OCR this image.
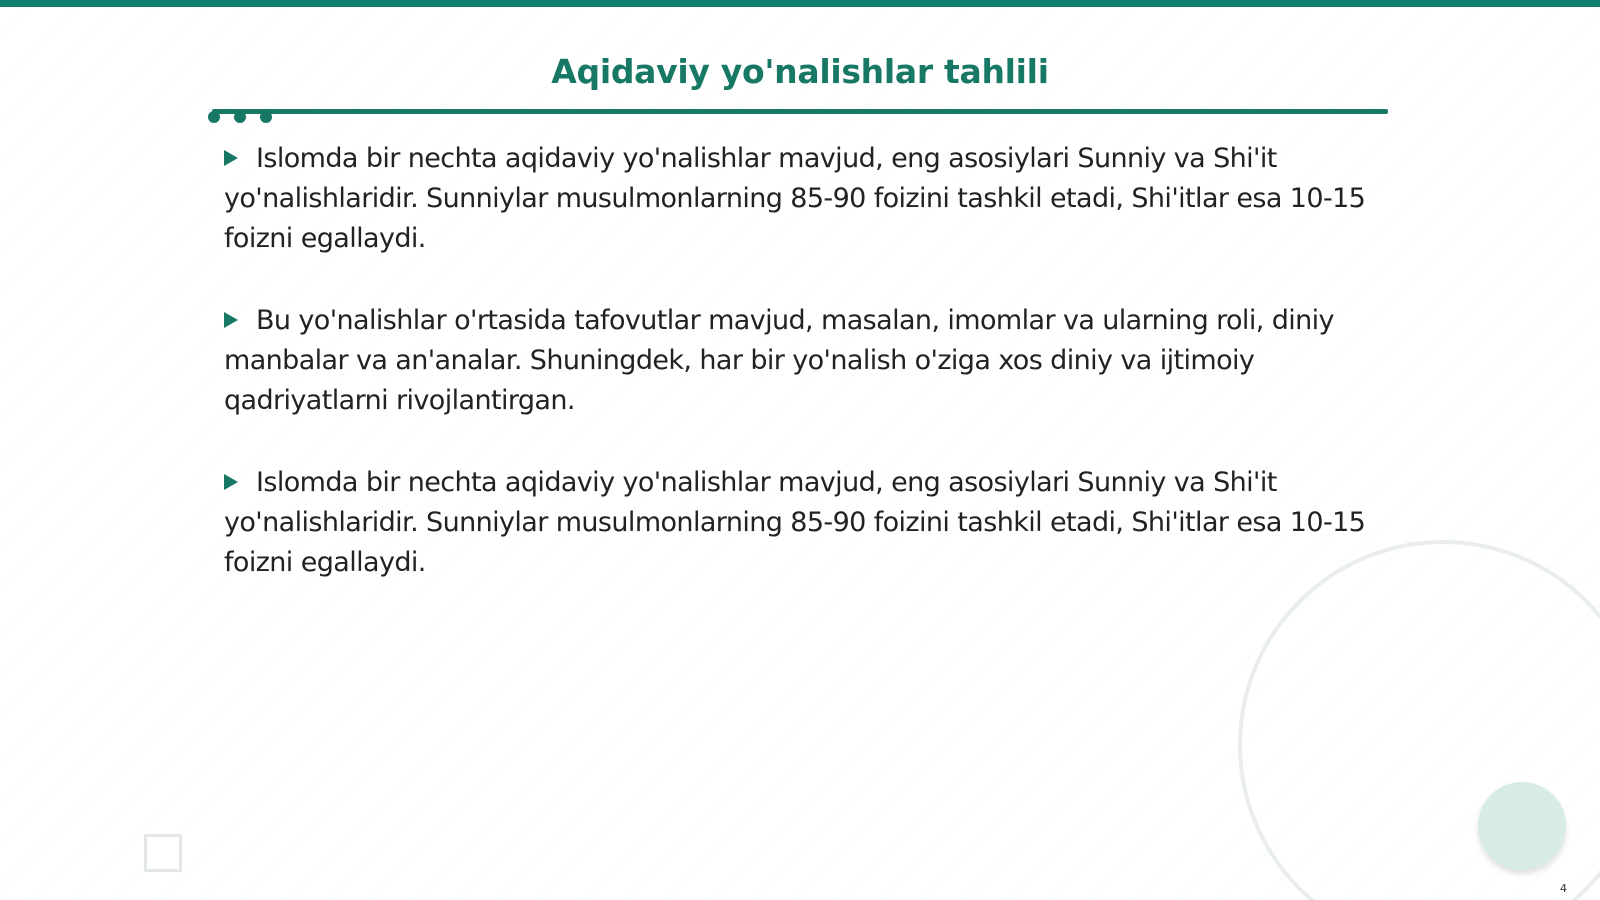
Aqidaviy yo'nalishlar tahlili

Islomda bir nechta aqidaviy yo'nalishlar mavjud, eng asosiylari Sunniy va Shi'it yo'nalishlaridir. Sunniylar musulmonlarning 85-90 foizini tashkil etadi, Shi'itlar esa 10-15 foizni egallaydi.

Bu yo'nalishlar o'rtasida tafovutlar mavjud, masalan, imomlar va ularning roli, diniy manbalar va an'analar. Shuningdek, har bir yo'nalish o'ziga xos diniy va ijtimoiy qadriyatlarni rivojlantirgan.

Islomda bir nechta aqidaviy yo'nalishlar mavjud, eng asosiylari Sunniy va Shi'it yo'nalishlaridir. Sunniylar musulmonlarning 85-90 foizini tashkil etadi, Shi'itlar esa 10-15 foizni egallaydi.

4
